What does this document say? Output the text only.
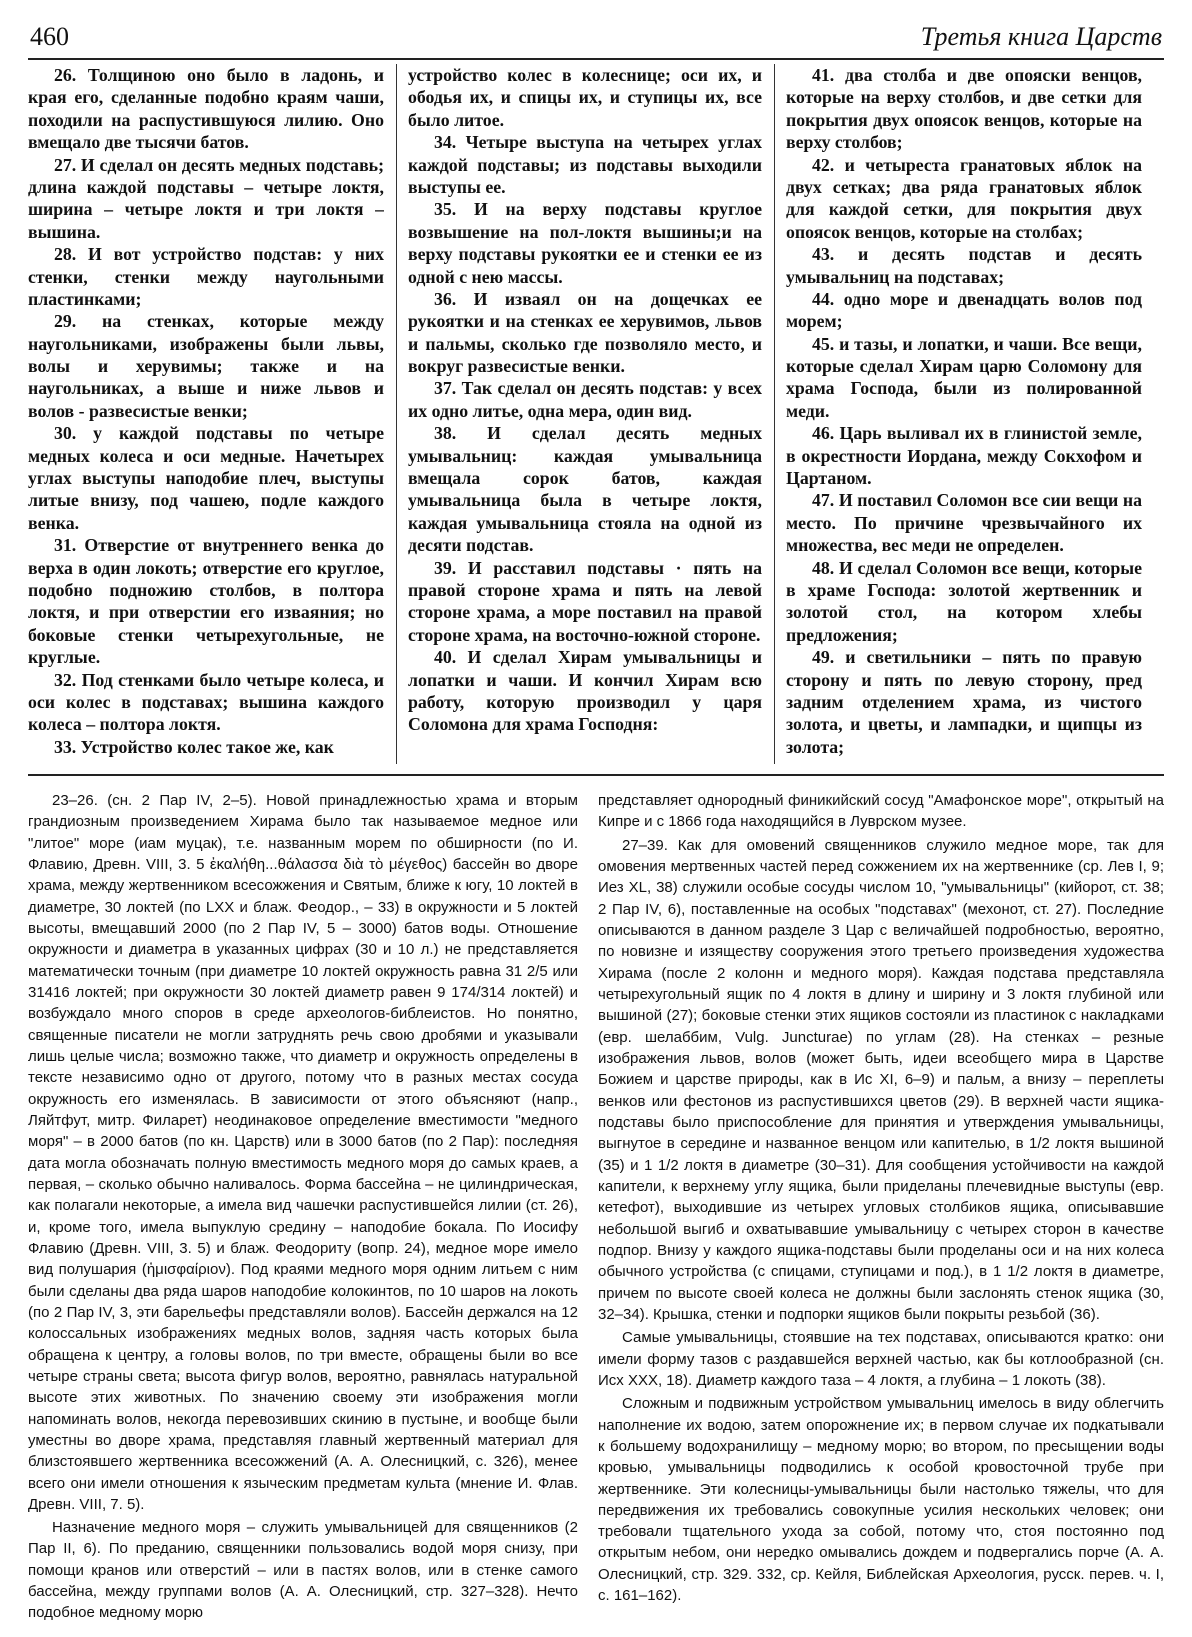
460	Третья книга Царств

26. Толщиною оно было в ладонь, и края его, сделанные подобно краям чаши, походили на распустившуюся лилию. Оно вмещало две тысячи батов.

27. И сделал он десять медных подставь; длина каждой подставы – четыре локтя, ширина – четыре локтя и три локтя – вышина.

28. И вот устройство подстав: у них стенки, стенки между наугольными пластинками;

29. на стенках, которые между наугольниками, изображены были львы, волы и херувимы; также и на наугольниках, а выше и ниже львов и волов - развесистые венки;

30. у каждой подставы по четыре медных колеса и оси медные. Начетырех углах выступы наподобие плеч, выступы литые внизу, под чашею, подле каждого венка.

31. Отверстие от внутреннего венка до верха в один локоть; отверстие его круглое, подобно подножию столбов, в полтора локтя, и при отверстии его изваяния; но боковые стенки четырехугольные, не круглые.

32. Под стенками было четыре колеса, и оси колес в подставах; вышина каждого колеса – полтора локтя.

33. Устройство колес такое же, как

устройство колес в колеснице; оси их, и ободья их, и спицы их, и ступицы их, все было литое.

34. Четыре выступа на четырех углах каждой подставы; из подставы выходили выступы ее.

35. И на верху подставы круглое возвышение на пол-локтя вышины;и на верху подставы рукоятки ее и стенки ее из одной с нею массы.

36. И изваял он на дощечках ее рукоятки и на стенках ее херувимов, львов и пальмы, сколько где позволяло место, и вокруг развесистые венки.

37. Так сделал он десять подстав: у всех их одно литье, одна мера, один вид.

38. И сделал десять медных умывальниц: каждая умывальница вмещала сорок батов, каждая умывальница была в четыре локтя, каждая умывальница стояла на одной из десяти подстав.

39. И расставил подставы · пять на правой стороне храма и пять на левой стороне храма, а море поставил на правой стороне храма, на восточно-южной стороне.

40. И сделал Хирам умывальницы и лопатки и чаши. И кончил Хирам всю работу, которую производил у царя Соломона для храма Господня:

41. два столба и две опояски венцов, которые на верху столбов, и две сетки для покрытия двух опоясок венцов, которые на верху столбов;

42. и четыреста гранатовых яблок на двух сетках; два ряда гранатовых яблок для каждой сетки, для покрытия двух опоясок венцов, которые на столбах;

43. и десять подстав и десять умывальниц на подставах;

44. одно море и двенадцать волов под морем;

45. и тазы, и лопатки, и чаши. Все вещи, которые сделал Хирам царю Соломону для храма Господа, были из полированной меди.

46. Царь выливал их в глинистой земле, в окрестности Иордана, между Сокхофом и Цартаном.

47. И поставил Соломон все сии вещи на место. По причине чрезвычайного их множества, вес меди не определен.

48. И сделал Соломон все вещи, которые в храме Господа: золотой жертвенник и золотой стол, на котором хлебы предложения;

49. и светильники – пять по правую сторону и пять по левую сторону, пред задним отделением храма, из чистого золота, и цветы, и лампадки, и щипцы из золота;

23–26. (сн. 2 Пар IV, 2–5). Новой принадлежностью храма и вторым грандиозным произведением Хирама было так называемое медное или "литое" море (иам муцак), т.е. названным морем по обширности (по И. Флавию, Древн. VIII, 3. 5 ἐκαλήθη...θάλασσα διὰ τὸ μέγεθος) бассейн во дворе храма, между жертвенником всесожжения и Святым, ближе к югу, 10 локтей в диаметре, 30 локтей (по LXX и блаж. Феодор., – 33) в окружности и 5 локтей высоты, вмещавший 2000 (по 2 Пар IV, 5 – 3000) батов воды. Отношение окружности и диаметра в указанных цифрах (30 и 10 л.) не представляется математически точным (при диаметре 10 локтей окружность равна 31 2/5 или 31416 локтей; при окружности 30 локтей диаметр равен 9 174/314 локтей) и возбуждало много споров в среде археологов-библеистов. Но понятно, священные писатели не могли затруднять речь свою дробями и указывали лишь целые числа; возможно также, что диаметр и окружность определены в тексте независимо одно от другого, потому что в разных местах сосуда окружность его изменялась. В зависимости от этого объясняют (напр., Ляйтфут, митр. Филарет) неодинаковое определение вместимости "медного моря" – в 2000 батов (по кн. Царств) или в 3000 батов (по 2 Пар): последняя дата могла обозначать полную вместимость медного моря до самых краев, а первая, – сколько обычно наливалось. Форма бассейна – не цилиндрическая, как полагали некоторые, а имела вид чашечки распустившейся лилии (ст. 26), и, кроме того, имела выпуклую средину – наподобие бокала. По Иосифу Флавию (Древн. VIII, 3. 5) и блаж. Феодориту (вопр. 24), медное море имело вид полушария (ἡμισφαίριον). Под краями медного моря одним литьем с ним были сделаны два ряда шаров наподобие колокинтов, по 10 шаров на локоть (по 2 Пар IV, 3, эти барельефы представляли волов). Бассейн держался на 12 колоссальных изображениях медных волов, задняя часть которых была обращена к центру, а головы волов, по три вместе, обращены были во все четыре страны света; высота фигур волов, вероятно, равнялась натуральной высоте этих животных. По значению своему эти изображения могли напоминать волов, некогда перевозивших скинию в пустыне, и вообще были уместны во дворе храма, представляя главный жертвенный материал для близстоявшего жертвенника всесожжений (А. А. Олесницкий, с. 326), менее всего они имели отношения к языческим предметам культа (мнение И. Флав. Древн. VIII, 7. 5).

Назначение медного моря – служить умывальницей для священников (2 Пар II, 6). По преданию, священники пользовались водой моря снизу, при помощи кранов или отверстий – или в пастях волов, или в стенке самого бассейна, между группами волов (А. А. Олесницкий, стр. 327–328). Нечто подобное медному морю

представляет однородный финикийский сосуд "Амафонское море", открытый на Кипре и с 1866 года находящийся в Луврском музее.

27–39. Как для омовений священников служило медное море, так для омовения мертвенных частей перед сожжением их на жертвеннике (ср. Лев I, 9; Иез XL, 38) служили особые сосуды числом 10, "умывальницы" (кийорот, ст. 38; 2 Пар IV, 6), поставленные на особых "подставах" (мехонот, ст. 27). Последние описываются в данном разделе 3 Цар с величайшей подробностью, вероятно, по новизне и изяществу сооружения этого третьего произведения художества Хирама (после 2 колонн и медного моря). Каждая подстава представляла четырехугольный ящик по 4 локтя в длину и ширину и 3 локтя глубиной или вышиной (27); боковые стенки этих ящиков состояли из пластинок с накладками (евр. шелаббим, Vulg. Juncturae) по углам (28). На стенках – резные изображения львов, волов (может быть, идеи всеобщего мира в Царстве Божием и царстве природы, как в Ис XI, 6–9) и пальм, а внизу – переплеты венков или фестонов из распустившихся цветов (29). В верхней части ящика-подставы было приспособление для принятия и утверждения умывальницы, выгнутое в середине и названное венцом или капителью, в 1/2 локтя вышиной (35) и 1 1/2 локтя в диаметре (30–31). Для сообщения устойчивости на каждой капители, к верхнему углу ящика, были приделаны плечевидные выступы (евр. кетефот), выходившие из четырех угловых столбиков ящика, описывавшие небольшой выгиб и охватывавшие умывальницу с четырех сторон в качестве подпор. Внизу у каждого ящика-подставы были проделаны оси и на них колеса обычного устройства (с спицами, ступицами и под.), в 1 1/2 локтя в диаметре, причем по высоте своей колеса не должны были заслонять стенок ящика (30, 32–34). Крышка, стенки и подпорки ящиков были покрыты резьбой (36).

Самые умывальницы, стоявшие на тех подставах, описываются кратко: они имели форму тазов с раздавшейся верхней частью, как бы котлообразной (сн. Исх XXX, 18). Диаметр каждого таза – 4 локтя, а глубина – 1 локоть (38).

Сложным и подвижным устройством умывальниц имелось в виду облегчить наполнение их водою, затем опорожнение их; в первом случае их подкатывали к большему водохранилищу – медному морю; во втором, по пресыщении воды кровью, умывальницы подводились к особой кровосточной трубе при жертвеннике. Эти колесницы-умывальницы были настолько тяжелы, что для передвижения их требовались совокупные усилия нескольких человек; они требовали тщательного ухода за собой, потому что, стоя постоянно под открытым небом, они нередко омывались дождем и подвергались порче (А. А. Олесницкий, стр. 329. 332, ср. Кейля, Библейская Археология, русск. перев. ч. I, с. 161–162).
